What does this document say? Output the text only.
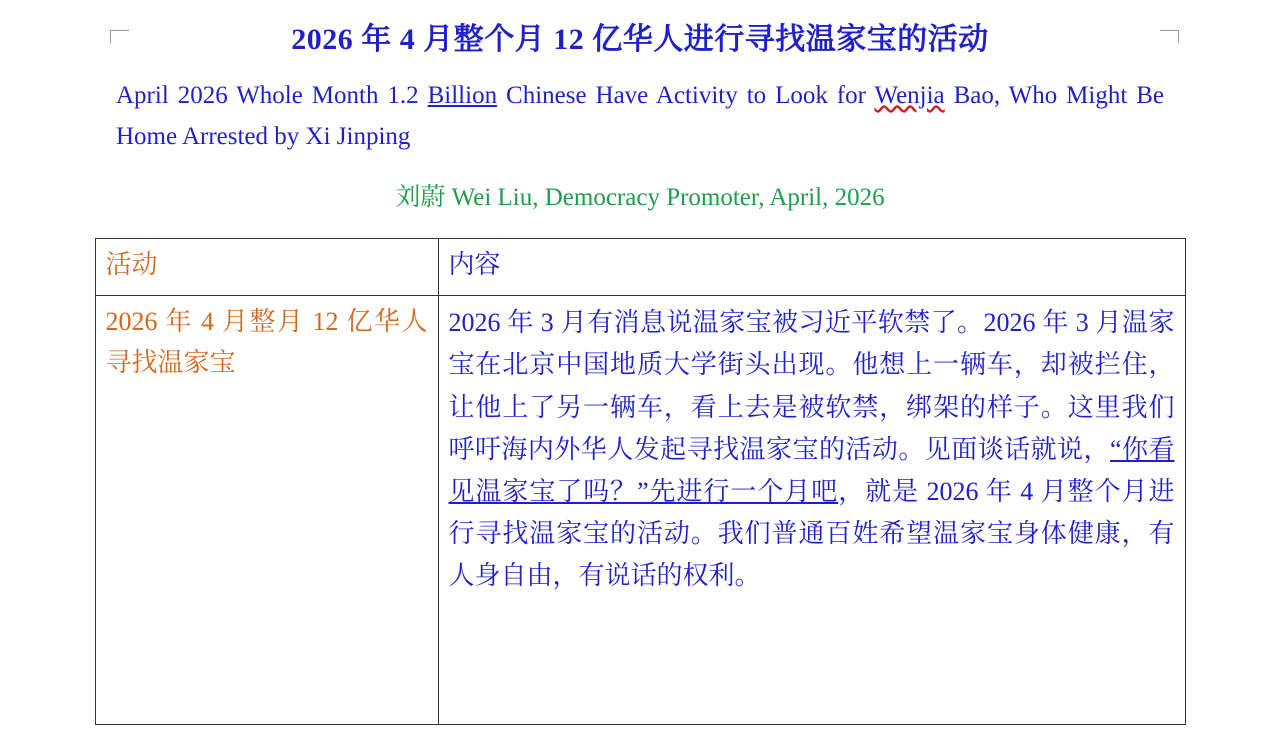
2026 年 4 月整个月 12 亿华人进行寻找温家宝的活动

April 2026 Whole Month 1.2 Billion Chinese Have Activity to Look for Wenjia Bao, Who Might Be Home Arrested by Xi Jinping

刘蔚 Wei Liu, Democracy Promoter, April, 2026

活动	内容

2026 年 4 月整月 12 亿华人寻找温家宝	2026 年 3 月有消息说温家宝被习近平软禁了。2026 年 3 月温家宝在北京中国地质大学街头出现。他想上一辆车，却被拦住，让他上了另一辆车，看上去是被软禁，绑架的样子。这里我们呼吁海内外华人发起寻找温家宝的活动。见面谈话就说，“你看见温家宝了吗？”先进行一个月吧，就是 2026 年 4 月整个月进行寻找温家宝的活动。我们普通百姓希望温家宝身体健康，有人身自由，有说话的权利。
